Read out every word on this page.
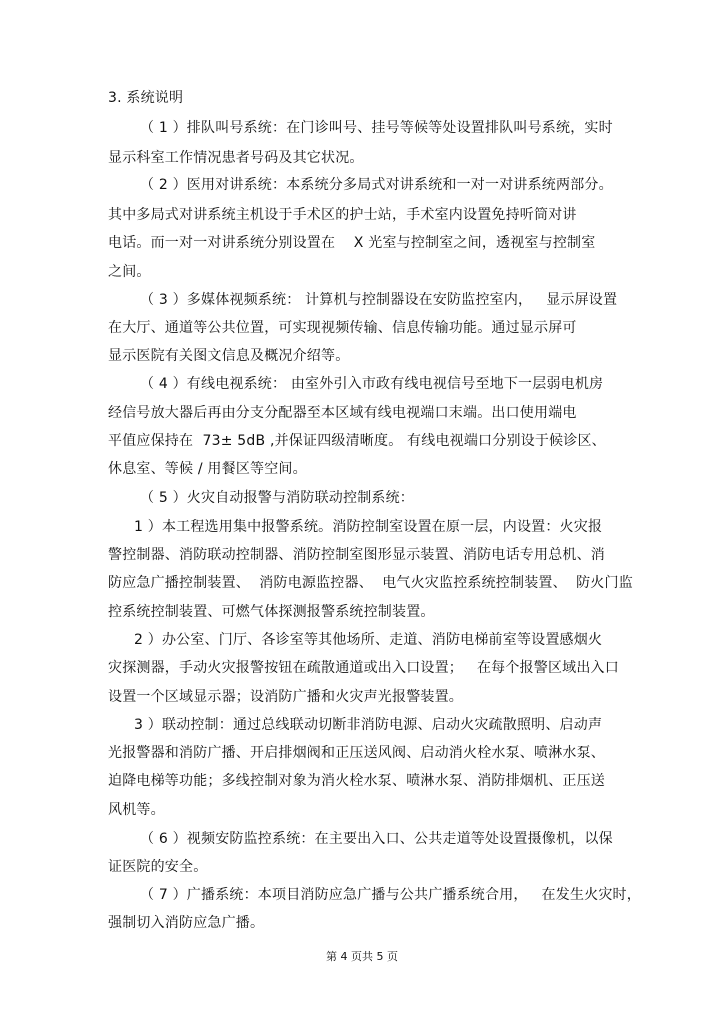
3. 系统说明
（ 1 ）排队叫号系统：在门诊叫号、挂号等候等处设置排队叫号系统，实时
显示科室工作情况患者号码及其它状况。
（ 2 ）医用对讲系统：本系统分多局式对讲系统和一对一对讲系统两部分。
其中多局式对讲系统主机设于手术区的护士站，手术室内设置免持听筒对讲
电话。而一对一对讲系统分别设置在    X 光室与控制室之间，透视室与控制室
之间。
（ 3 ）多媒体视频系统： 计算机与控制器设在安防监控室内，   显示屏设置
在大厅、通道等公共位置，可实现视频传输、信息传输功能。通过显示屏可
显示医院有关图文信息及概况介绍等。
（ 4 ）有线电视系统： 由室外引入市政有线电视信号至地下一层弱电机房
经信号放大器后再由分支分配器至本区域有线电视端口末端。出口使用端电
平值应保持在  73± 5dB ,并保证四级清晰度。 有线电视端口分别设于候诊区、
休息室、等候 / 用餐区等空间。
（ 5 ）火灾自动报警与消防联动控制系统：
1 ）本工程选用集中报警系统。消防控制室设置在原一层，内设置：火灾报
警控制器、消防联动控制器、消防控制室图形显示装置、消防电话专用总机、消
防应急广播控制装置、  消防电源监控器、  电气火灾监控系统控制装置、  防火门监
控系统控制装置、可燃气体探测报警系统控制装置。
2 ）办公室、门厅、各诊室等其他场所、走道、消防电梯前室等设置感烟火
灾探测器，手动火灾报警按钮在疏散通道或出入口设置；   在每个报警区域出入口
设置一个区域显示器；设消防广播和火灾声光报警装置。
3 ）联动控制：通过总线联动切断非消防电源、启动火灾疏散照明、启动声
光报警器和消防广播、开启排烟阀和正压送风阀、启动消火栓水泵、喷淋水泵、
迫降电梯等功能；多线控制对象为消火栓水泵、喷淋水泵、消防排烟机、正压送
风机等。
（ 6 ）视频安防监控系统：在主要出入口、公共走道等处设置摄像机，以保
证医院的安全。
（ 7 ）广播系统：本项目消防应急广播与公共广播系统合用，   在发生火灾时，
强制切入消防应急广播。
第 4 页共 5 页
